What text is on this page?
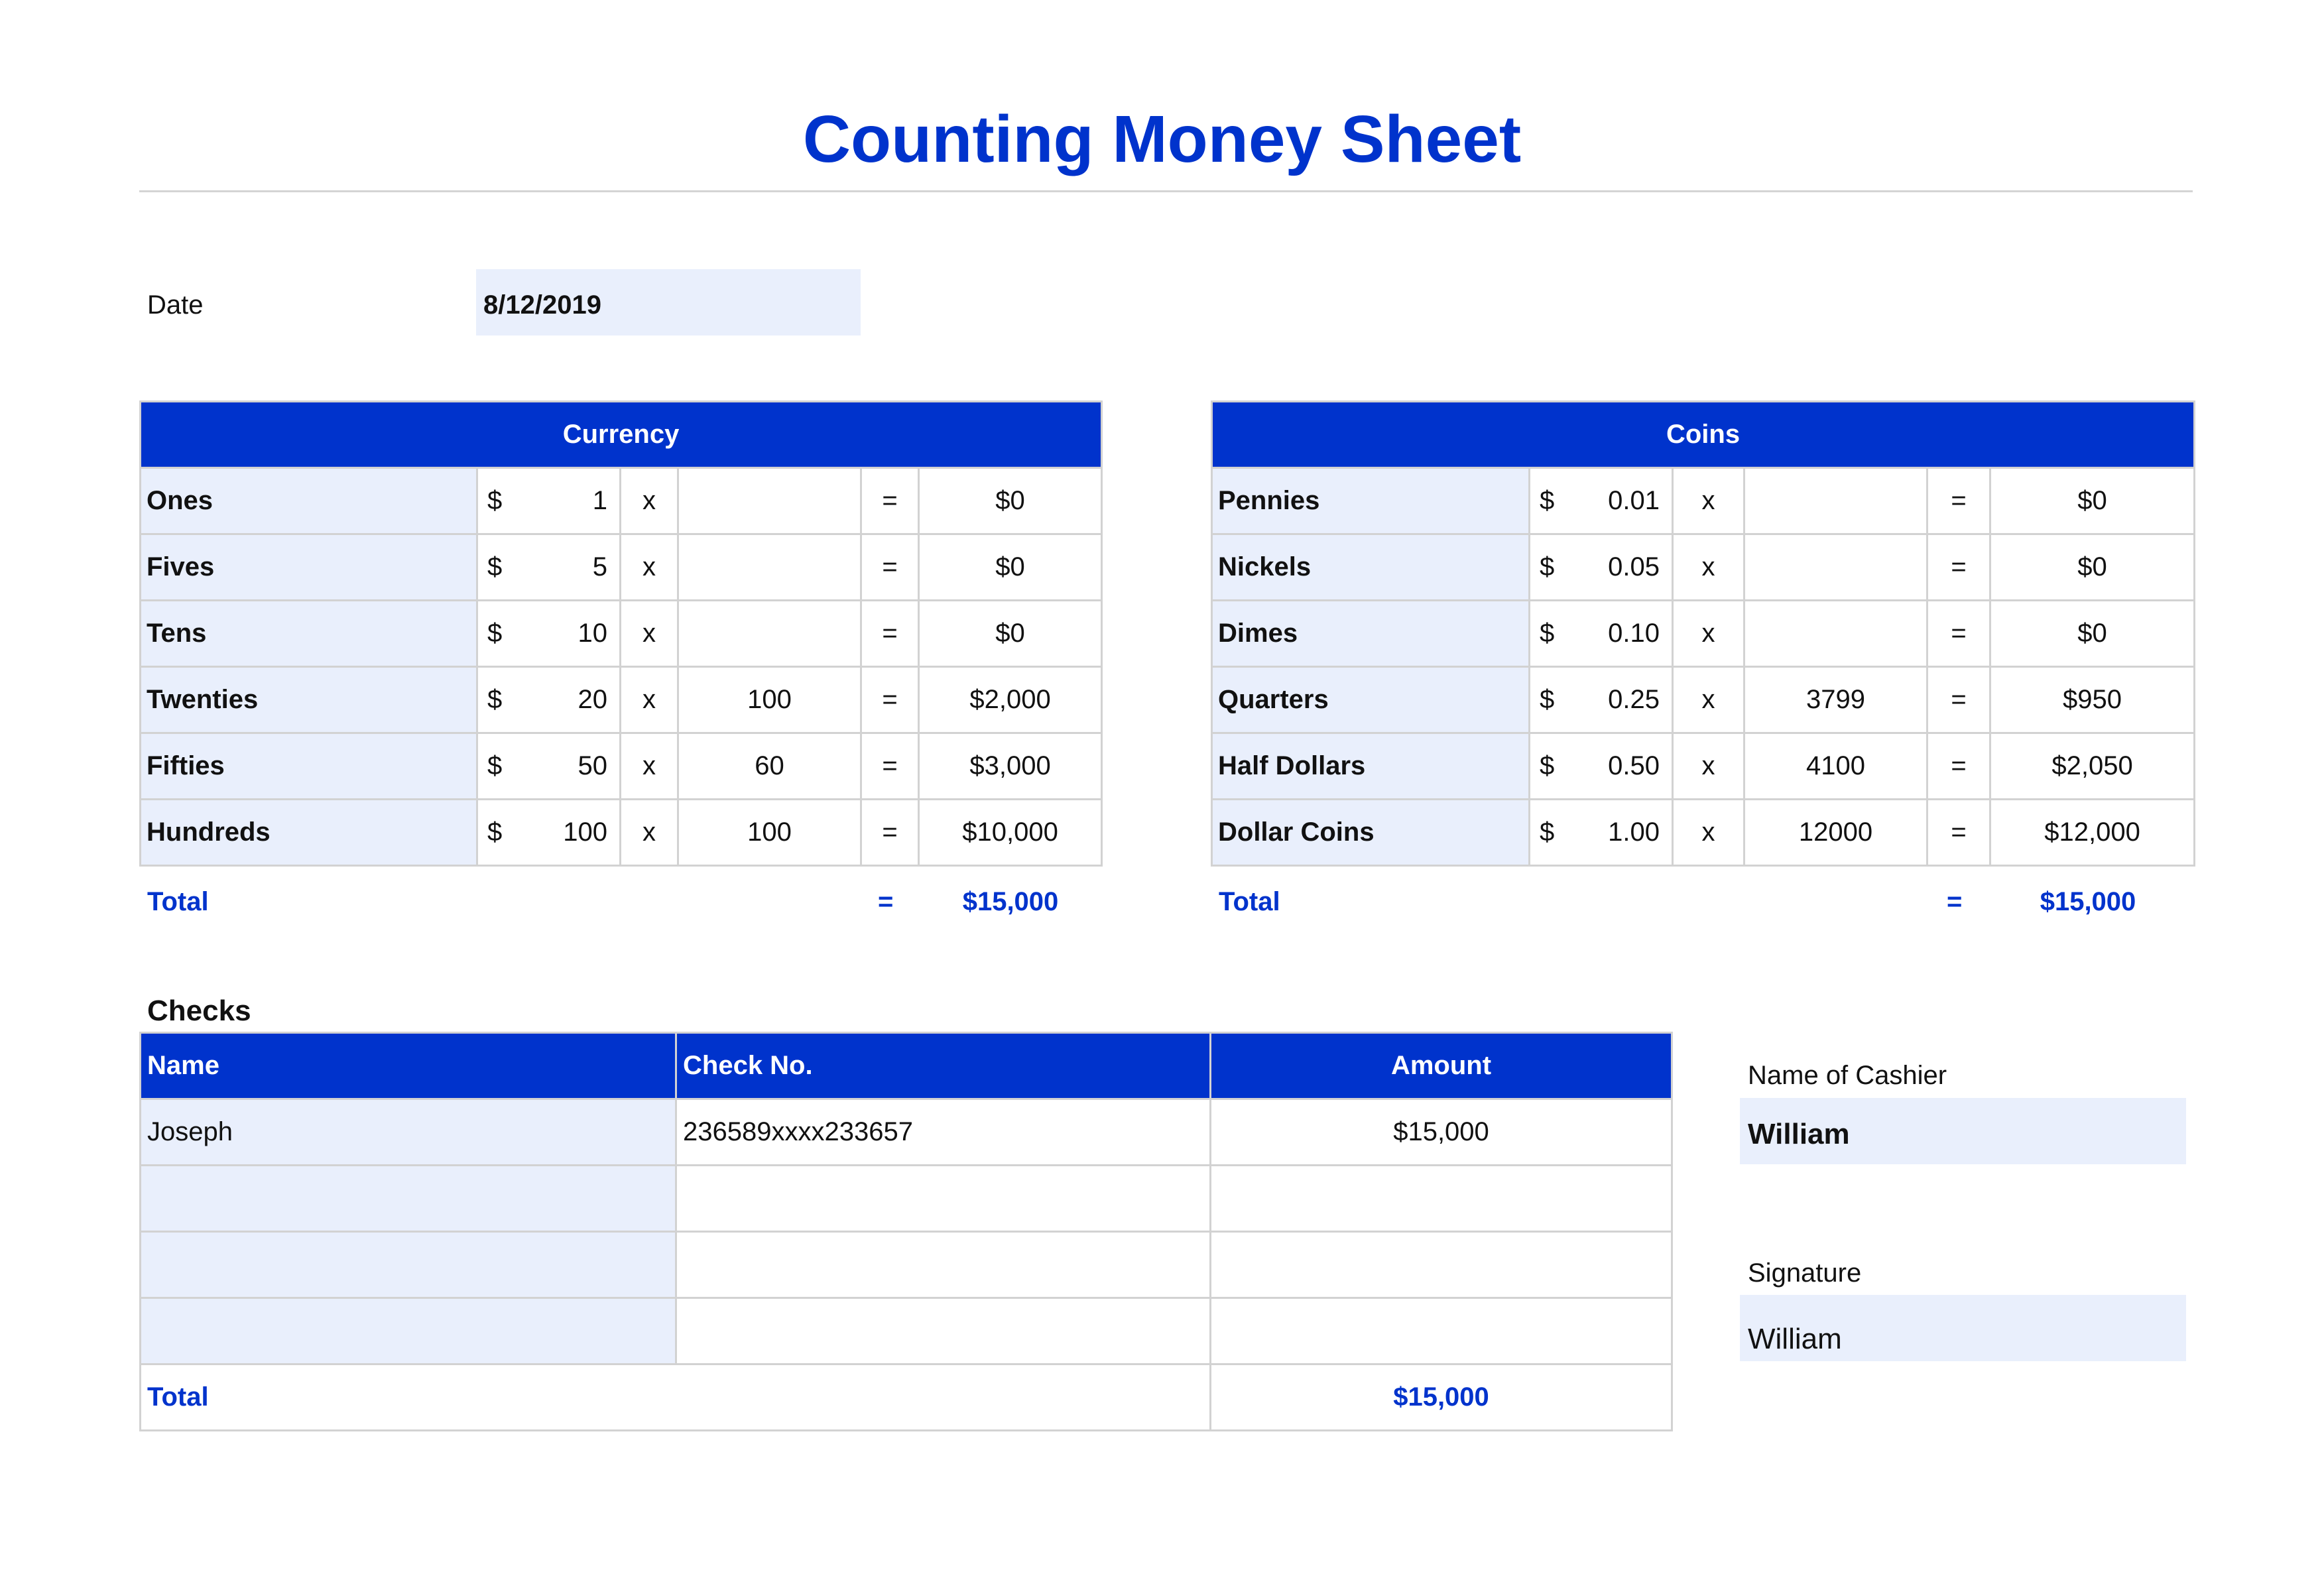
Counting Money Sheet
Date	8/12/2019
Currency						
Ones	$	1	x		=	$0
Fives	$	5	x		=	$0
Tens	$	10	x		=	$0
Twenties	$	20	x	100	=	$2,000
Fifties	$	50	x	60	=	$3,000
Hundreds	$	100	x	100	=	$10,000
Total	=	$15,000
Coins						
Pennies	$	0.01	x		=	$0
Nickels	$	0.05	x		=	$0
Dimes	$	0.10	x		=	$0
Quarters	$	0.25	x	3799	=	$950
Half Dollars	$	0.50	x	4100	=	$2,050
Dollar Coins	$	1.00	x	12000	=	$12,000
Total	=	$15,000
Checks
Name	Check No.	Amount
Joseph	236589xxxx233657	$15,000

Total		$15,000
Name of Cashier
William
Signature
William
